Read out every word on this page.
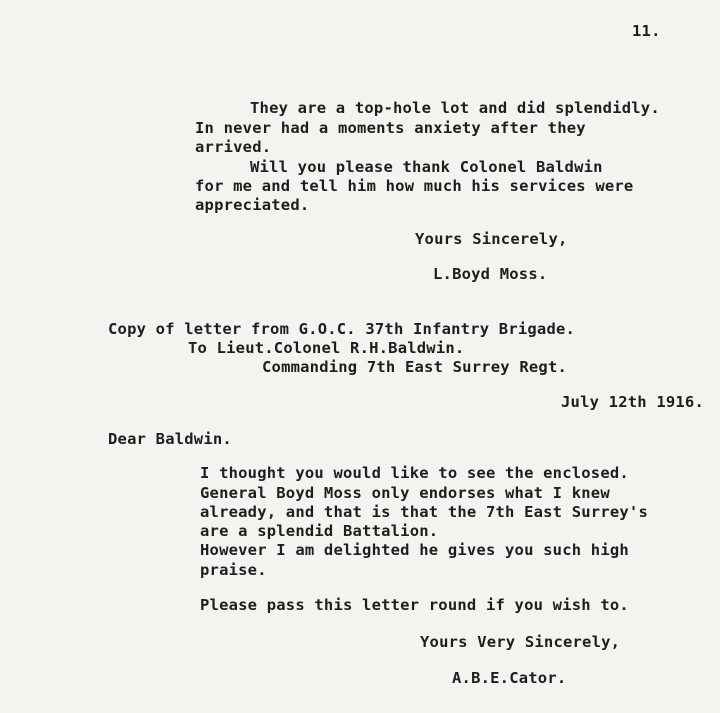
11.
They are a top-hole lot and did splendidly.
In never had a moments anxiety after they
arrived.
Will you please thank Colonel Baldwin
for me and tell him how much his services were
appreciated.
Yours Sincerely,
L.Boyd Moss.
Copy of letter from G.O.C. 37th Infantry Brigade.
To Lieut.Colonel R.H.Baldwin.
Commanding 7th East Surrey Regt.
July 12th 1916.
Dear Baldwin.
I thought you would like to see the enclosed.
General Boyd Moss only endorses what I knew
already, and that is that the 7th East Surrey's
are a splendid Battalion.
However I am delighted he gives you such high
praise.
Please pass this letter round if you wish to.
Yours Very Sincerely,
A.B.E.Cator.
